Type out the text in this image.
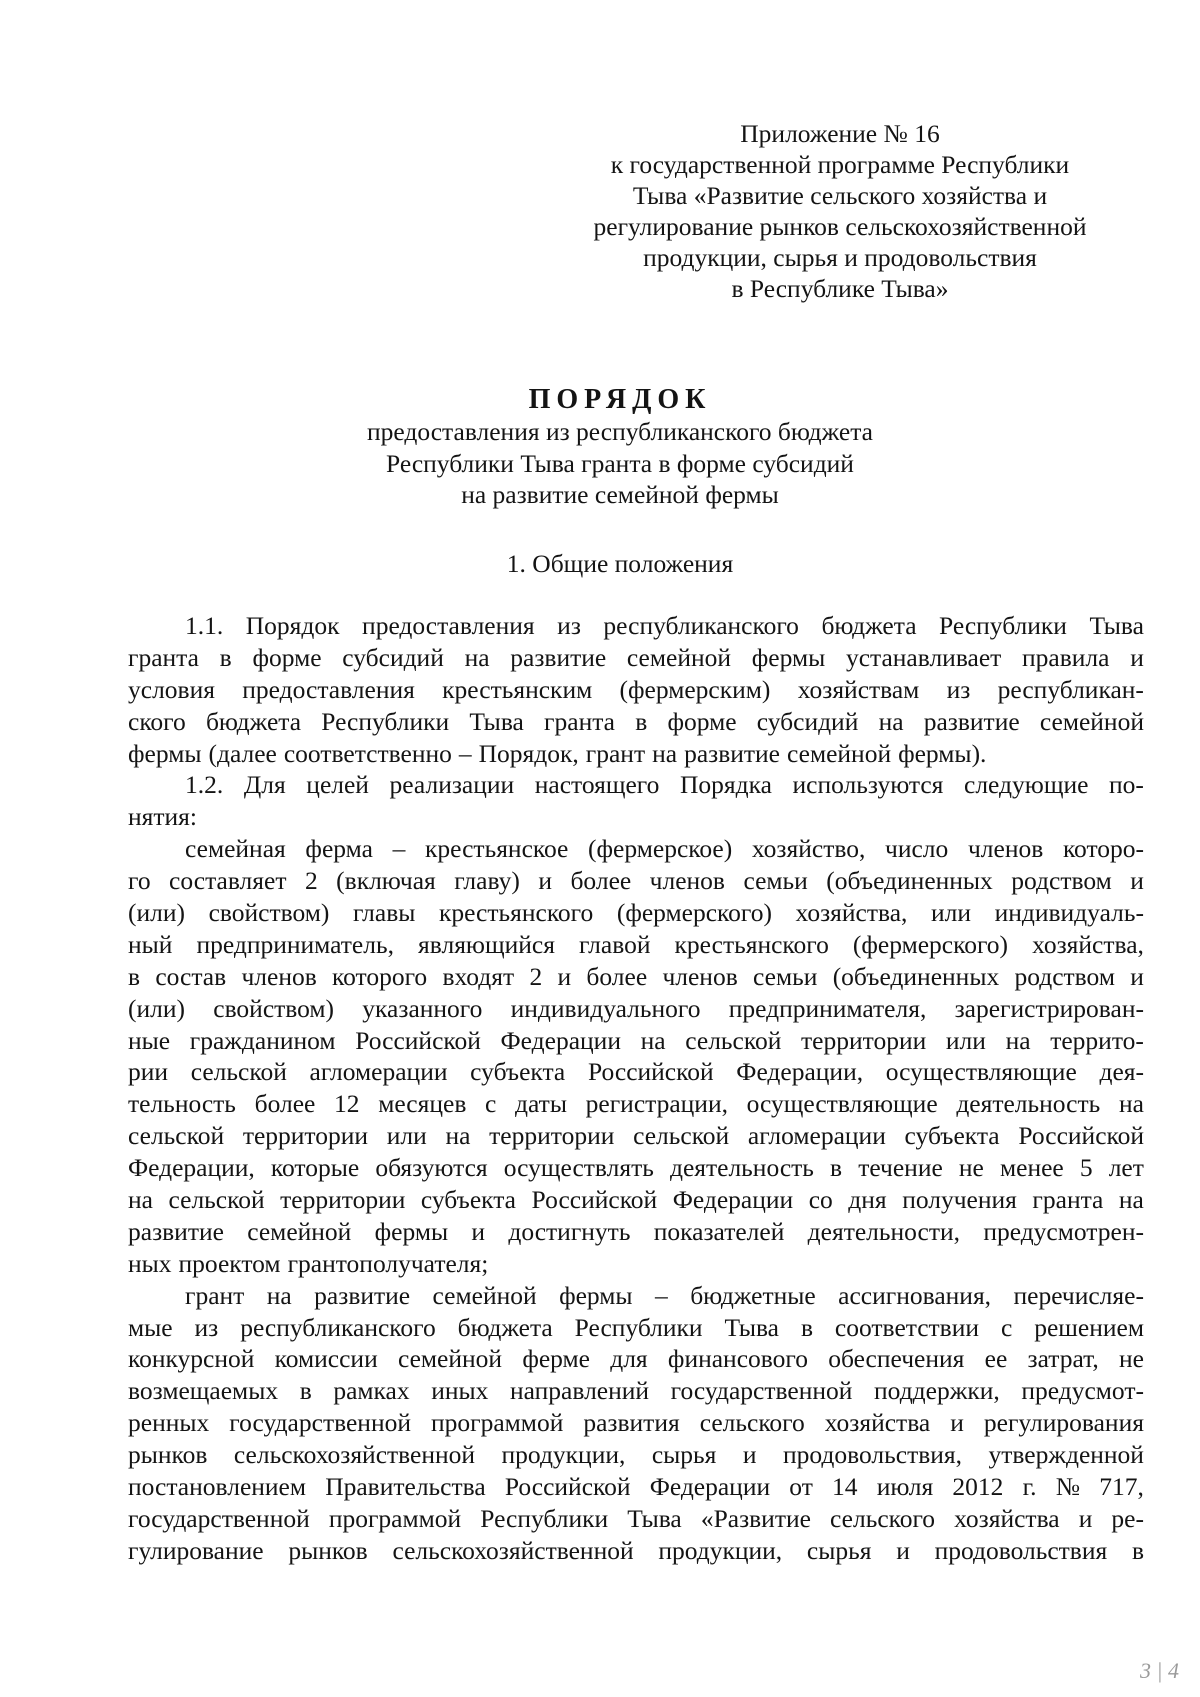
Приложение № 16
к государственной программе Республики
Тыва «Развитие сельского хозяйства и
регулирование рынков сельскохозяйственной
продукции, сырья и продовольствия
в Республике Тыва»
ПОРЯДОК
предоставления из республиканского бюджета
Республики Тыва гранта в форме субсидий
на развитие семейной фермы
1. Общие положения
1.1. Порядок предоставления из республиканского бюджета Республики Тыва
гранта в форме субсидий на развитие семейной фермы устанавливает правила и
условия предоставления крестьянским (фермерским) хозяйствам из республикан-
ского бюджета Республики Тыва гранта в форме субсидий на развитие семейной
фермы (далее соответственно – Порядок, грант на развитие семейной фермы).
1.2. Для целей реализации настоящего Порядка используются следующие по-
нятия:
семейная ферма – крестьянское (фермерское) хозяйство, число членов которо-
го составляет 2 (включая главу) и более членов семьи (объединенных родством и
(или) свойством) главы крестьянского (фермерского) хозяйства, или индивидуаль-
ный предприниматель, являющийся главой крестьянского (фермерского) хозяйства,
в состав членов которого входят 2 и более членов семьи (объединенных родством и
(или) свойством) указанного индивидуального предпринимателя, зарегистрирован-
ные гражданином Российской Федерации на сельской территории или на террито-
рии сельской агломерации субъекта Российской Федерации, осуществляющие дея-
тельность более 12 месяцев с даты регистрации, осуществляющие деятельность на
сельской территории или на территории сельской агломерации субъекта Российской
Федерации, которые обязуются осуществлять деятельность в течение не менее 5 лет
на сельской территории субъекта Российской Федерации со дня получения гранта на
развитие семейной фермы и достигнуть показателей деятельности, предусмотрен-
ных проектом грантополучателя;
грант на развитие семейной фермы – бюджетные ассигнования, перечисляе-
мые из республиканского бюджета Республики Тыва в соответствии с решением
конкурсной комиссии семейной ферме для финансового обеспечения ее затрат, не
возмещаемых в рамках иных направлений государственной поддержки, предусмот-
ренных государственной программой развития сельского хозяйства и регулирования
рынков сельскохозяйственной продукции, сырья и продовольствия, утвержденной
постановлением Правительства Российской Федерации от 14 июля 2012 г. № 717,
государственной программой Республики Тыва «Развитие сельского хозяйства и ре-
гулирование рынков сельскохозяйственной продукции, сырья и продовольствия в
3 | 4
